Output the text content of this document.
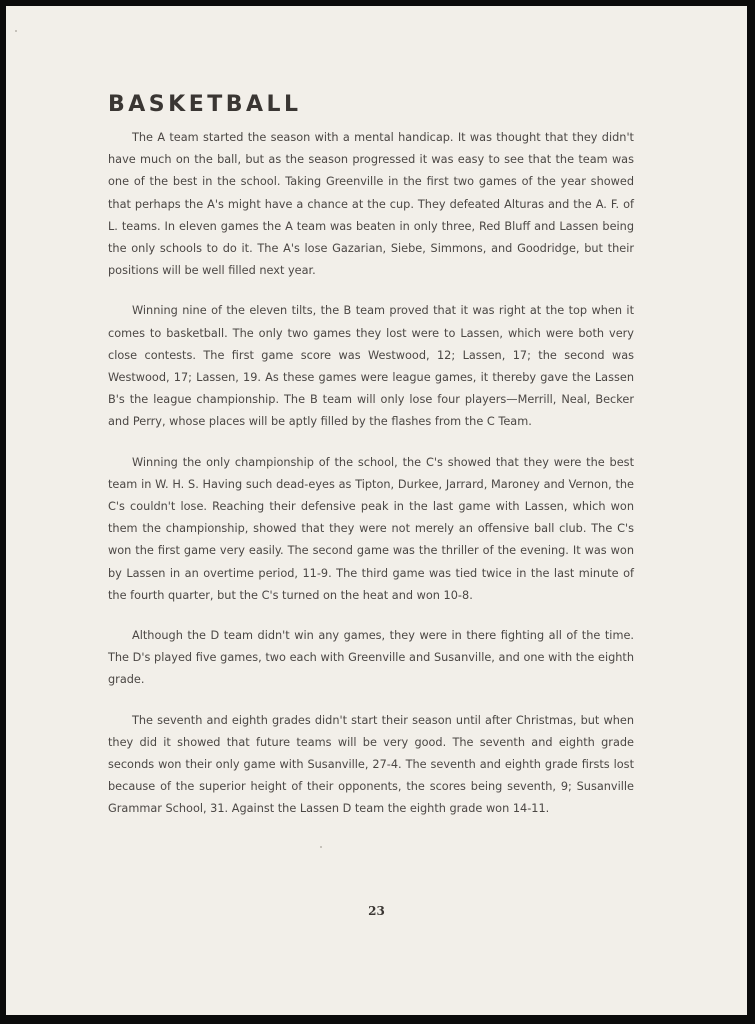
BASKETBALL

The A team started the season with a mental handicap. It was thought that they didn't have much on the ball, but as the season progressed it was easy to see that the team was one of the best in the school. Taking Greenville in the first two games of the year showed that perhaps the A's might have a chance at the cup. They defeated Alturas and the A. F. of L. teams. In eleven games the A team was beaten in only three, Red Bluff and Lassen being the only schools to do it. The A's lose Gazarian, Siebe, Simmons, and Goodridge, but their positions will be well filled next year.

Winning nine of the eleven tilts, the B team proved that it was right at the top when it comes to basketball. The only two games they lost were to Lassen, which were both very close contests. The first game score was Westwood, 12; Lassen, 17; the second was Westwood, 17; Lassen, 19. As these games were league games, it thereby gave the Lassen B's the league championship. The B team will only lose four players—Merrill, Neal, Becker and Perry, whose places will be aptly filled by the flashes from the C Team.

Winning the only championship of the school, the C's showed that they were the best team in W. H. S. Having such dead-eyes as Tipton, Durkee, Jarrard, Maroney and Vernon, the C's couldn't lose. Reaching their defensive peak in the last game with Lassen, which won them the championship, showed that they were not merely an offensive ball club. The C's won the first game very easily. The second game was the thriller of the evening. It was won by Lassen in an overtime period, 11-9. The third game was tied twice in the last minute of the fourth quarter, but the C's turned on the heat and won 10-8.

Although the D team didn't win any games, they were in there fighting all of the time. The D's played five games, two each with Greenville and Susanville, and one with the eighth grade.

The seventh and eighth grades didn't start their season until after Christmas, but when they did it showed that future teams will be very good. The seventh and eighth grade seconds won their only game with Susanville, 27-4. The seventh and eighth grade firsts lost because of the superior height of their opponents, the scores being seventh, 9; Susanville Grammar School, 31. Against the Lassen D team the eighth grade won 14-11.

23
